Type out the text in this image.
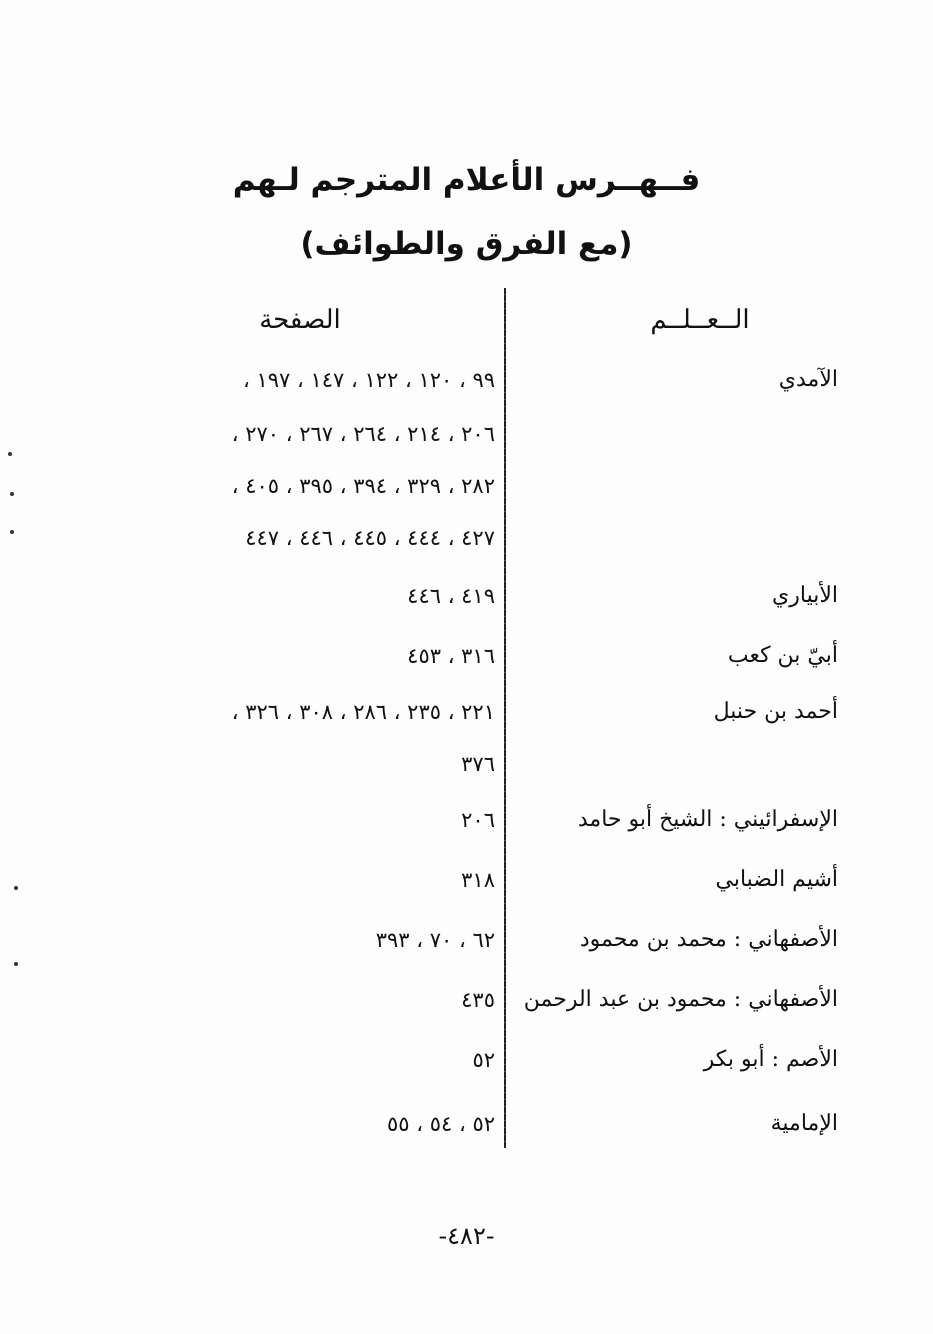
فــهــرس الأعلام المترجم لـهم
(مع الفرق والطوائف)
الــعــلــم
الصفحة
الآمدي
٩٩ ، ١٢٠ ، ١٢٢ ، ١٤٧ ، ١٩٧ ،
٢٠٦ ، ٢١٤ ، ٢٦٤ ، ٢٦٧ ، ٢٧٠ ،
٢٨٢ ، ٣٢٩ ، ٣٩٤ ، ٣٩٥ ، ٤٠٥ ،
٤٢٧ ، ٤٤٤ ، ٤٤٥ ، ٤٤٦ ، ٤٤٧
الأبياري
٤١٩ ، ٤٤٦
أبيّ بن كعب
٣١٦ ، ٤٥٣
أحمد بن حنبل
٢٢١ ، ٢٣٥ ، ٢٨٦ ، ٣٠٨ ، ٣٢٦ ،
٣٧٦
الإسفرائيني : الشيخ أبو حامد
٢٠٦
أشيم الضبابي
٣١٨
الأصفهاني : محمد بن محمود
٦٢ ، ٧٠ ، ٣٩٣
الأصفهاني : محمود بن عبد الرحمن
٤٣٥
الأصم : أبو بكر
٥٢
الإمامية
٥٢ ، ٥٤ ، ٥٥
-٤٨٢-
